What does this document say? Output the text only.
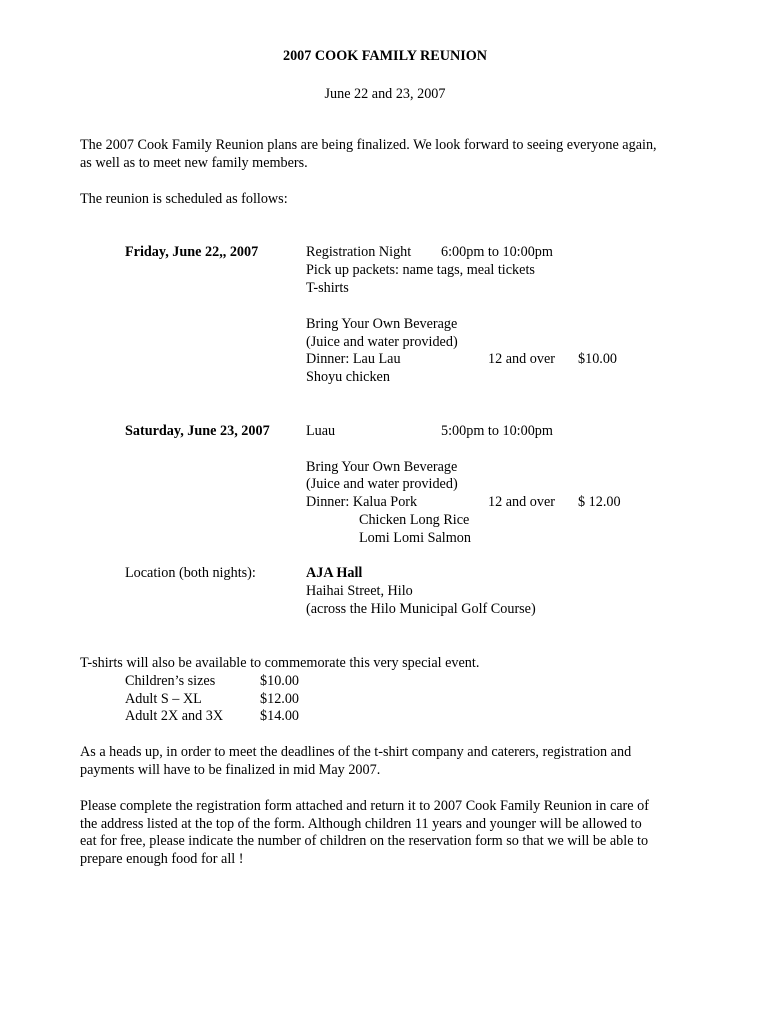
2007 COOK FAMILY REUNION
June 22 and 23, 2007
The 2007 Cook Family Reunion plans are being finalized. We look forward to seeing everyone again,
as well as to meet new family members.
The reunion is scheduled as follows:
Friday, June 22,, 2007	Registration Night 6:00pm to 10:00pm
Pick up packets: name tags, meal tickets
T-shirts
Bring Your Own Beverage
(Juice and water provided)
Dinner: Lau Lau	12 and over $10.00
Shoyu chicken
Saturday, June 23, 2007	Luau	5:00pm to 10:00pm
Bring Your Own Beverage
(Juice and water provided)
Dinner: Kalua Pork	12 and over $ 12.00
Chicken Long Rice
Lomi Lomi Salmon
Location (both nights):	AJA Hall
Haihai Street, Hilo
(across the Hilo Municipal Golf Course)
T-shirts will also be available to commemorate this very special event.
Children’s sizes	$10.00
Adult S – XL	$12.00
Adult 2X and 3X	$14.00
As a heads up, in order to meet the deadlines of the t-shirt company and caterers, registration and
payments will have to be finalized in mid May 2007.
Please complete the registration form attached and return it to 2007 Cook Family Reunion in care of
the address listed at the top of the form. Although children 11 years and younger will be allowed to
eat for free, please indicate the number of children on the reservation form so that we will be able to
prepare enough food for all !
